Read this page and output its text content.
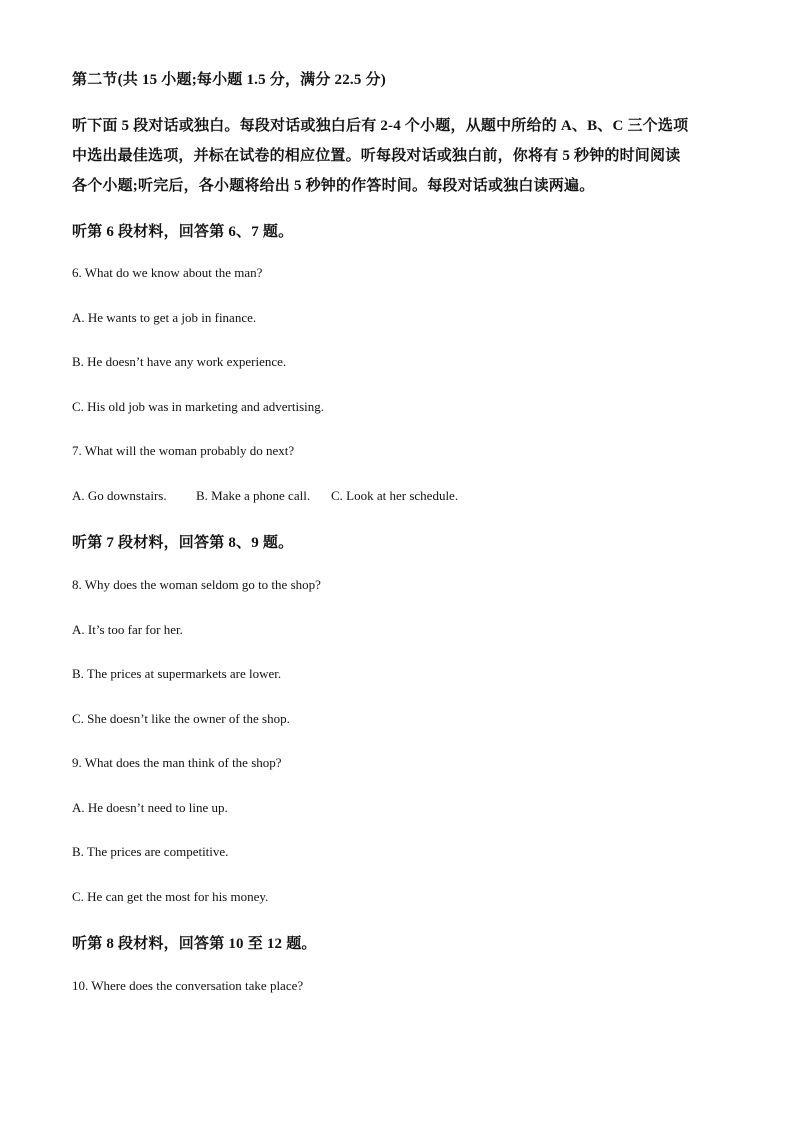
第二节(共 15 小题;每小题 1.5 分，满分 22.5 分)
听下面 5 段对话或独白。每段对话或独白后有 2-4 个小题，从题中所给的 A、B、C 三个选项
中选出最佳选项，并标在试卷的相应位置。听每段对话或独白前，你将有 5 秒钟的时间阅读
各个小题;听完后，各小题将给出 5 秒钟的作答时间。每段对话或独白读两遍。
听第 6 段材料，回答第 6、7 题。
6. What do we know about the man?
A. He wants to get a job in finance.
B. He doesn’t have any work experience.
C. His old job was in marketing and advertising.
7. What will the woman probably do next?
A. Go downstairs.	B. Make a phone call.	C. Look at her schedule.
听第 7 段材料，回答第 8、9 题。
8. Why does the woman seldom go to the shop?
A. It’s too far for her.
B. The prices at supermarkets are lower.
C. She doesn’t like the owner of the shop.
9. What does the man think of the shop?
A. He doesn’t need to line up.
B. The prices are competitive.
C. He can get the most for his money.
听第 8 段材料，回答第 10 至 12 题。
10. Where does the conversation take place?
